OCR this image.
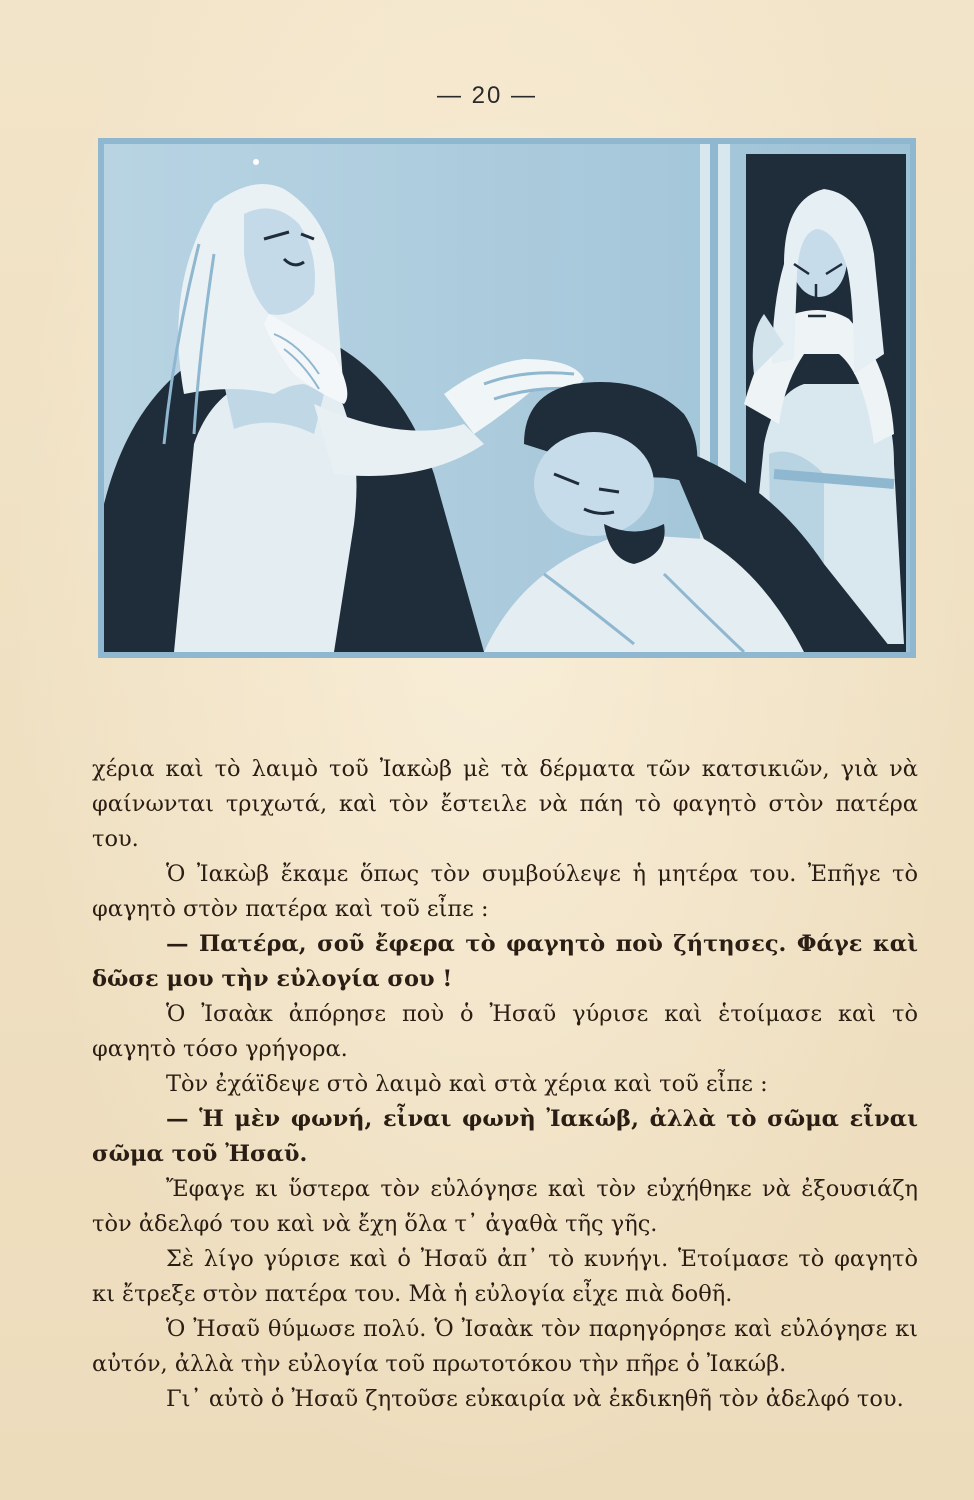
— 20 —

χέρια καὶ τὸ λαιμὸ τοῦ Ἰακὼβ μὲ τὰ δέρματα τῶν κατσικιῶν, γιὰ νὰ φαίνωνται τριχωτά, καὶ τὸν ἔστειλε νὰ πάη τὸ φαγητὸ στὸν πατέρα του.

Ὁ Ἰακὼβ ἔκαμε ὅπως τὸν συμβούλεψε ἡ μητέρα του. Ἐπῆγε τὸ φαγητὸ στὸν πατέρα καὶ τοῦ εἶπε :

— Πατέρα, σοῦ ἔφερα τὸ φαγητὸ ποὺ ζήτησες. Φάγε καὶ δῶσε μου τὴν εὐλογία σου !

Ὁ Ἰσαὰκ ἀπόρησε ποὺ ὁ Ἠσαῦ γύρισε καὶ ἑτοίμασε καὶ τὸ φαγητὸ τόσο γρήγορα.

Τὸν ἐχάϊδεψε στὸ λαιμὸ καὶ στὰ χέρια καὶ τοῦ εἶπε :

— Ἡ μὲν φωνή, εἶναι φωνὴ Ἰακώβ, ἀλλὰ τὸ σῶμα εἶναι σῶμα τοῦ Ἠσαῦ.

Ἔφαγε κι ὕστερα τὸν εὐλόγησε καὶ τὸν εὐχήθηκε νὰ ἐξουσιάζη τὸν ἀδελφό του καὶ νὰ ἔχη ὅλα τ᾿ ἀγαθὰ τῆς γῆς.

Σὲ λίγο γύρισε καὶ ὁ Ἠσαῦ ἀπ᾿ τὸ κυνήγι. Ἑτοίμασε τὸ φαγητὸ κι ἔτρεξε στὸν πατέρα του. Μὰ ἡ εὐλογία εἶχε πιὰ δοθῆ.

Ὁ Ἠσαῦ θύμωσε πολύ. Ὁ Ἰσαὰκ τὸν παρηγόρησε καὶ εὐλόγησε κι αὐτόν, ἀλλὰ τὴν εὐλογία τοῦ πρωτοτόκου τὴν πῆρε ὁ Ἰακώβ.

Γι᾿ αὐτὸ ὁ Ἠσαῦ ζητοῦσε εὐκαιρία νὰ ἐκδικηθῆ τὸν ἀδελφό του.
